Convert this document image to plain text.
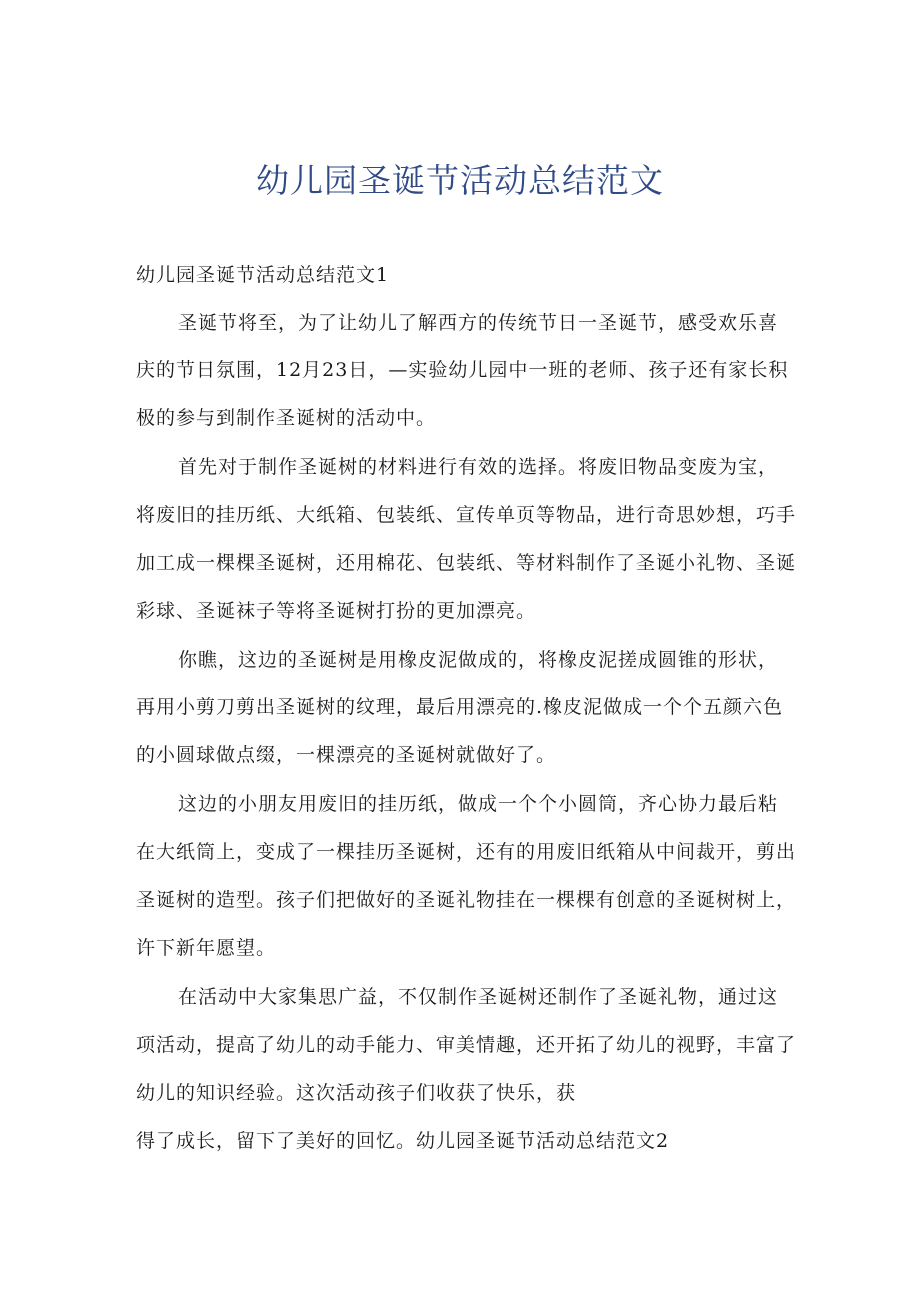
幼儿园圣诞节活动总结范文
幼儿园圣诞节活动总结范文1
圣诞节将至，为了让幼儿了解西方的传统节日一圣诞节，感受欢乐喜
庆的节日氛围，12月23日，—实验幼儿园中一班的老师、孩子还有家长积
极的参与到制作圣诞树的活动中。
首先对于制作圣诞树的材料进行有效的选择。将废旧物品变废为宝，
将废旧的挂历纸、大纸箱、包装纸、宣传单页等物品，进行奇思妙想，巧手
加工成一棵棵圣诞树，还用棉花、包装纸、等材料制作了圣诞小礼物、圣诞
彩球、圣诞袜子等将圣诞树打扮的更加漂亮。
你瞧，这边的圣诞树是用橡皮泥做成的，将橡皮泥搓成圆锥的形状，
再用小剪刀剪出圣诞树的纹理，最后用漂亮的.橡皮泥做成一个个五颜六色
的小圆球做点缀，一棵漂亮的圣诞树就做好了。
这边的小朋友用废旧的挂历纸，做成一个个小圆筒，齐心协力最后粘
在大纸筒上，变成了一棵挂历圣诞树，还有的用废旧纸箱从中间裁开，剪出
圣诞树的造型。孩子们把做好的圣诞礼物挂在一棵棵有创意的圣诞树树上，
许下新年愿望。
在活动中大家集思广益，不仅制作圣诞树还制作了圣诞礼物，通过这
项活动，提高了幼儿的动手能力、审美情趣，还开拓了幼儿的视野，丰富了
幼儿的知识经验。这次活动孩子们收获了快乐，获
得了成长，留下了美好的回忆。幼儿园圣诞节活动总结范文2
